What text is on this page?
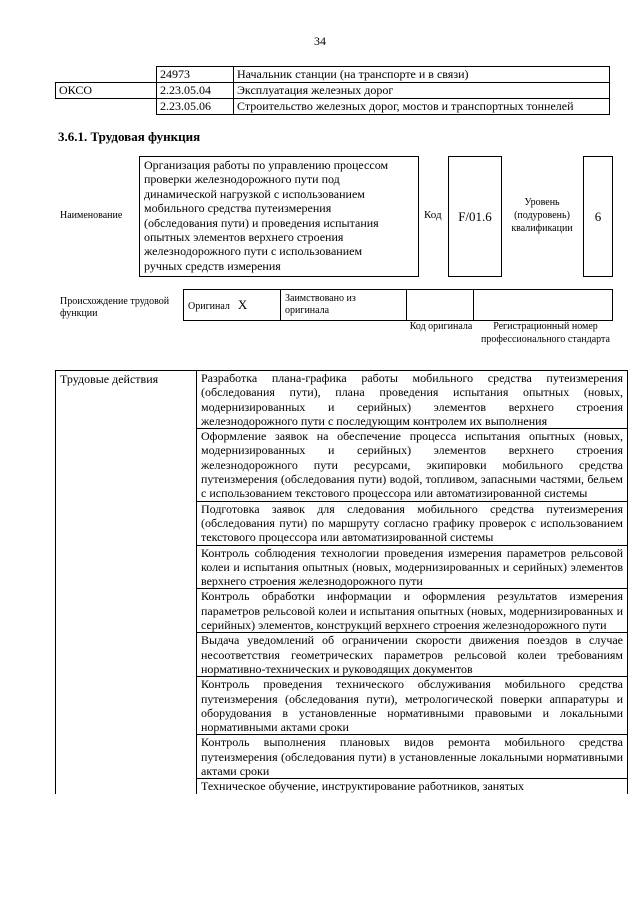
34
	24973	Начальник станции (на транспорте и в связи)
ОКСО	2.23.05.04	Эксплуатация железных дорог
	2.23.05.06	Строительство железных дорог, мостов и транспортных тоннелей
3.6.1. Трудовая функция
Наименование
Организация работы по управлению процессом
проверки железнодорожного пути под
динамической нагрузкой с использованием
мобильного средства путеизмерения
(обследования пути) и проведения испытания
опытных элементов верхнего строения
железнодорожного пути с использованием
ручных средств измерения
Код	F/01.6
Уровень (подуровень) квалификации
6
Происхождение трудовой функции
Оригинал X	Заимствовано из оригинала		
Код оригинала	Регистрационный номер профессионального стандарта
Трудовые действия	Разработка плана-графика работы мобильного средства путеизмерения (обследования пути), плана проведения испытания опытных (новых, модернизированных и серийных) элементов верхнего строения железнодорожного пути с последующим контролем их выполнения
Оформление заявок на обеспечение процесса испытания опытных (новых, модернизированных и серийных) элементов верхнего строения железнодорожного пути ресурсами, экипировки мобильного средства путеизмерения (обследования пути) водой, топливом, запасными частями, бельем с использованием текстового процессора или автоматизированной системы
Подготовка заявок для следования мобильного средства путеизмерения (обследования пути) по маршруту согласно графику проверок с использованием текстового процессора или автоматизированной системы
Контроль соблюдения технологии проведения измерения параметров рельсовой колеи и испытания опытных (новых, модернизированных и серийных) элементов верхнего строения железнодорожного пути
Контроль обработки информации и оформления результатов измерения параметров рельсовой колеи и испытания опытных (новых, модернизированных и серийных) элементов, конструкций верхнего строения железнодорожного пути
Выдача уведомлений об ограничении скорости движения поездов в случае несоответствия геометрических параметров рельсовой колеи требованиям нормативно-технических и руководящих документов
Контроль проведения технического обслуживания мобильного средства путеизмерения (обследования пути), метрологической поверки аппаратуры и оборудования в установленные нормативными правовыми и локальными нормативными актами сроки
Контроль выполнения плановых видов ремонта мобильного средства путеизмерения (обследования пути) в установленные локальными нормативными актами сроки
Техническое обучение, инструктирование работников, занятых
